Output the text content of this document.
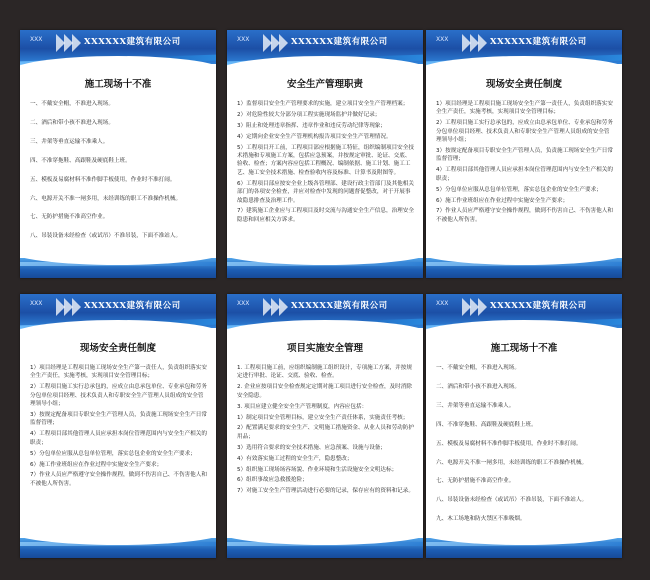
XXX	XXXXXX建筑有限公司
施工现场十不准

一、不戴安全帽，不准进入现场。

二、酒后和带小孩不准进入现场。

三、井架等垂直运输不准乘人。

四、不准穿拖鞋、高跟鞋及硬底鞋上班。

五、模板及易腐材料不准作脚手板使用，作业时不准打闹。

六、电源开关不准一闸多用，未经训练的职工不准操作机械。

七、无防护措施不准高空作业。

八、吊装设备未经检查（或试吊）不准吊装，下面不准站人。

XXX	XXXXXX建筑有限公司
安全生产管理职责

1）监督项目安全生产管理要求的实施，建立项目安全生产管理档案；

2）对危险性较大分部分项工程实施现场监护并做好记录；

3）阻止和处理违章指挥、违章作业和违反劳动纪律等现象；

4）定期向企业安全生产管理机构报告项目安全生产管理情况。

5）工程项目开工前，工程项目部应根据施工特征，组织编制项目安全技术措施和专项施工方案，包括应急预案，并按规定审批、论证、交底、验收、检查；方案内容应包括工程概况、编制依据、施工计划、施工工艺、施工安全技术措施、检查验收内容及标准、计算书及附图等。

6）工程项目部应按安全业上级各管理部、建设行政主管部门及其他相关部门的各项安全检查，并应对检查中发现的问题督促整改，对于开展事故隐患排查及治理工作。

7）建筑施工企业应与工程项目及时交流与沟通安全生产信息，治理安全隐患和回应相关方诉求。

XXX	XXXXXX建筑有限公司
现场安全责任制度

1）项目经理是工程项目施工现场安全生产第一责任人，负责组织落实安全生产责任，实施考核，实现项目安全管理目标；

2）工程项目施工实行总承包的，应成立由总承包单位、专业承包和劳务分包单位项目经理、技术负责人和专职安全生产管理人员组成的安全管理领导小组；

3）按规定配备项目专职安全生产管理人员，负责施工现场安全生产日常监督管理；

4）工程项目部其他管理人员应承担本岗位管理范围内与安全生产相关的职责；

5）分包单位应服从总包单位管理，落实总包企业的安全生产要求；

6）施工作业班组应在作业过程中实施安全生产要求；

7）作业人员应严格遵守安全操作规程，做到不伤害自己、不伤害他人和不被他人所伤害。

XXX	XXXXXX建筑有限公司
现场安全责任制度

1）项目经理是工程项目施工现场安全生产第一责任人，负责组织落实安全生产责任，实施考核，实现项目安全管理目标；

2）工程项目施工实行总承包的，应成立由总承包单位、专业承包和劳务分包单位项目经理、技术负责人和专职安全生产管理人员组成的安全管理领导小组；

3）按规定配备项目专职安全生产管理人员，负责施工现场安全生产日常监督管理；

4）工程项目部其他管理人员应承担本岗位管理范围内与安全生产相关的职责；

5）分包单位应服从总包单位管理，落实总包企业的安全生产要求；

6）施工作业班组应在作业过程中实施安全生产要求；

7）作业人员应严格遵守安全操作规程，做到不伤害自己、不伤害他人和不被他人所伤害。

XXX	XXXXXX建筑有限公司
项目实施安全管理

1. 工程项目施工前，应组织编制施工组织设计，专项施工方案，并按规定进行审批、论证、交底、验收、检查。

2. 企业应按项目安全检查规定定期对施工项目进行安全检查，及时消除安全隐患。

3. 项目应建立健全安全生产管理制度，内容应包括：

1）制定项目安全管理目标，建立安全生产责任体系，实施责任考核；

2）配置满足要求的安全生产、文明施工措施资金、从业人员和劳动防护用品；

3）选用符合要求的安全技术措施、应急预案、设施与设备；

4）有效落实施工过程的安全生产，隐患整改；

5）组织施工现场场容场貌、作业环境和生活设施安全文明达标；

6）组织事故应急救援抢险；

7）对施工安全生产管理活动进行必要的记录，保存应有的资料和记录。

XXX	XXXXXX建筑有限公司
施工现场十不准

一、不戴安全帽，不准进入现场。

二、酒后和带小孩不准进入现场。

三、井架等垂直运输不准乘人。

四、不准穿拖鞋、高跟鞋及硬底鞋上班。

五、模板及易腐材料不准作脚手板使用，作业时不准打闹。

六、电源开关不准一闸多用，未经训练的职工不准操作机械。

七、无防护措施不准高空作业。

八、吊装设备未经检查（或试吊）不准吊装，下面不准站人。

九、木工场地和防火禁区不准吸烟。
